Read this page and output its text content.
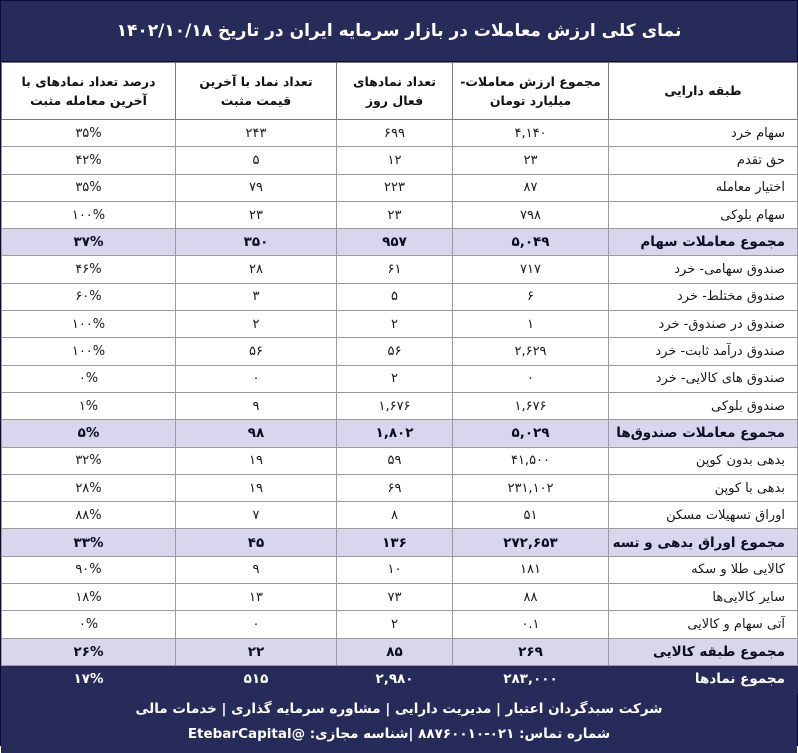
نمای کلی ارزش معاملات در بازار سرمایه ایران در تاریخ ۱۴۰۲/۱۰/۱۸
طبقه دارایی	مجموع ارزش معاملات- میلیارد تومان	تعداد نمادهای فعال روز	تعداد نماد با آخرین قیمت مثبت	درصد تعداد نمادهای با آخرین معامله مثبت
سهام خرد	۴,۱۴۰	۶۹۹	۲۴۳	۳۵%
حق تقدم	۲۳	۱۲	۵	۴۲%
اختیار معامله	۸۷	۲۲۳	۷۹	۳۵%
سهام بلوکی	۷۹۸	۲۳	۲۳	۱۰۰%
مجموع معاملات سهام	۵,۰۴۹	۹۵۷	۳۵۰	۳۷%
صندوق سهامی- خرد	۷۱۷	۶۱	۲۸	۴۶%
صندوق مختلط- خرد	۶	۵	۳	۶۰%
صندوق در صندوق- خرد	۱	۲	۲	۱۰۰%
صندوق درآمد ثابت- خرد	۲,۶۲۹	۵۶	۵۶	۱۰۰%
صندوق های کالایی- خرد	۰	۲	۰	۰%
صندوق بلوکی	۱,۶۷۶	۱,۶۷۶	۹	۱%
مجموع معاملات صندوق‌ها	۵,۰۲۹	۱,۸۰۲	۹۸	۵%
بدهی بدون کوپن	۴۱,۵۰۰	۵۹	۱۹	۳۲%
بدهی با کوپن	۲۳۱,۱۰۲	۶۹	۱۹	۲۸%
اوراق تسهیلات مسکن	۵۱	۸	۷	۸۸%
مجموع اوراق بدهی و تسه	۲۷۲,۶۵۳	۱۳۶	۴۵	۳۳%
کالایی طلا و سکه	۱۸۱	۱۰	۹	۹۰%
سایر کالایی‌ها	۸۸	۷۳	۱۳	۱۸%
آتی سهام و کالایی	۰.۱	۲	۰	۰%
مجموع طبقه کالایی	۲۶۹	۸۵	۲۲	۲۶%
مجموع نمادها	۲۸۳,۰۰۰	۲,۹۸۰	۵۱۵	۱۷%
شرکت سبدگردان اعتبار | مدیریت دارایی | مشاوره سرمایه گذاری | خدمات مالی
شماره تماس: ۰۲۱-۸۸۷۶۰۰۱۰ |شناسه مجازی: @EtebarCapital
